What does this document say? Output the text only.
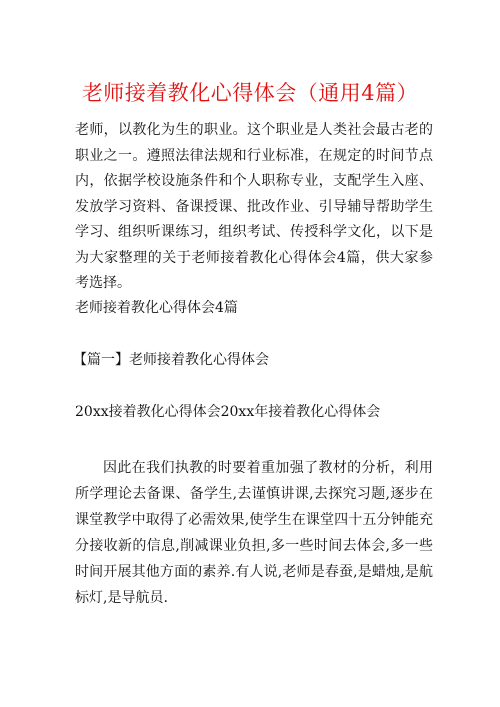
老师接着教化心得体会（通用4篇）

老师，以教化为生的职业。这个职业是人类社会最古老的职业之一。遵照法律法规和行业标准，在规定的时间节点内，依据学校设施条件和个人职称专业，支配学生入座、发放学习资料、备课授课、批改作业、引导辅导帮助学生学习、组织听课练习，组织考试、传授科学文化，以下是为大家整理的关于老师接着教化心得体会4篇，供大家参考选择。

老师接着教化心得体会4篇

【篇一】老师接着教化心得体会

20xx接着教化心得体会20xx年接着教化心得体会

因此在我们执教的时要着重加强了教材的分析，利用所学理论去备课、备学生,去谨慎讲课,去探究习题,逐步在课堂教学中取得了必需效果,使学生在课堂四十五分钟能充分接收新的信息,削减课业负担,多一些时间去体会,多一些时间开展其他方面的素养.有人说,老师是春蚕,是蜡烛,是航标灯,是导航员.
